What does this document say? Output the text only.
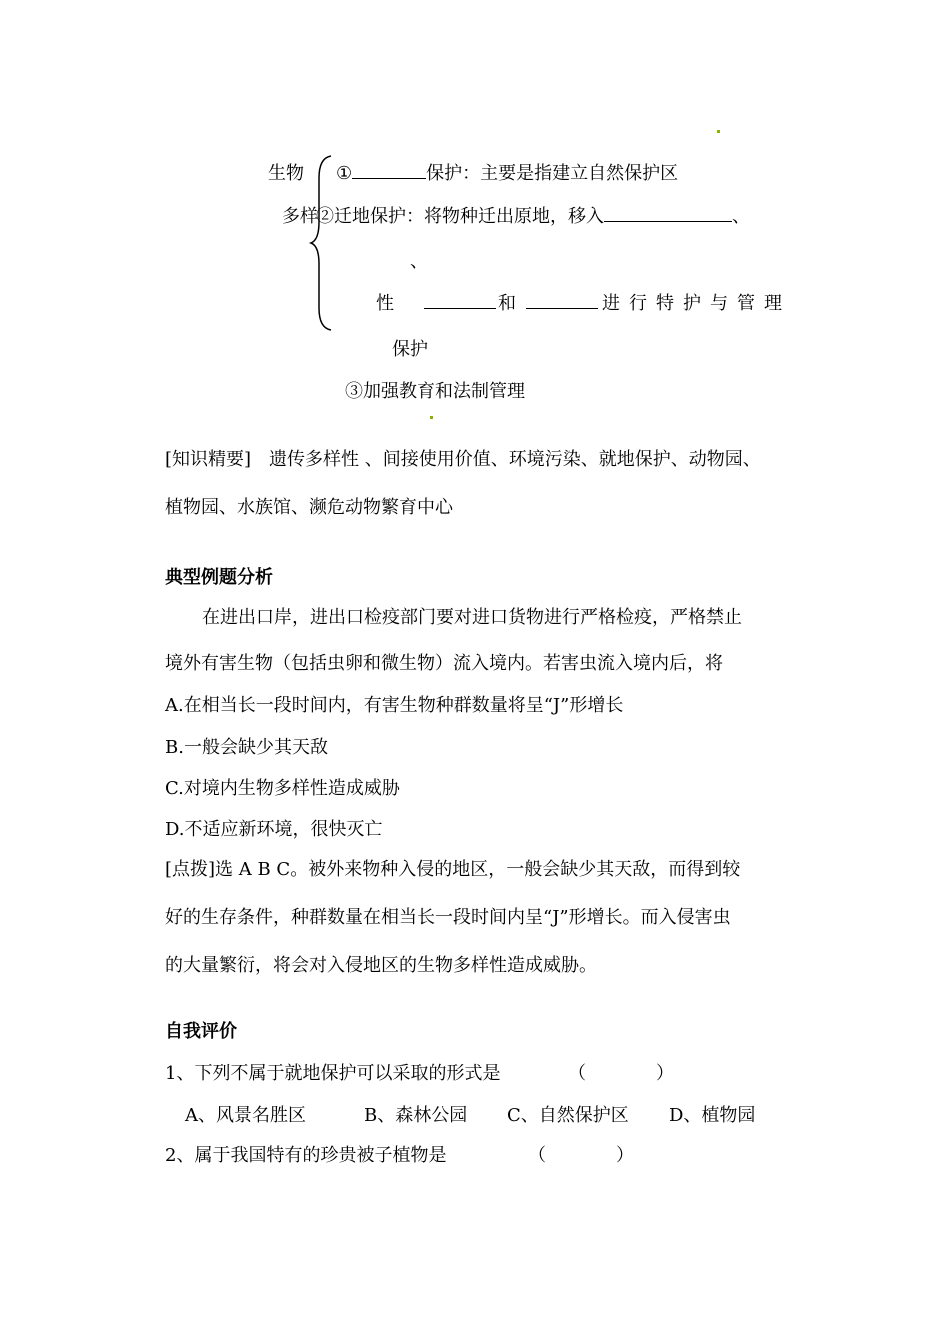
生物
多样
①	保护：主要是指建立自然保护区
②迁地保护：将物种迁出原地，移入	、
、
性	和	进行特护与管理
保护
③加强教育和法制管理
[知识精要] 遗传多样性 、间接使用价值、环境污染、就地保护、动物园、
植物园、水族馆、濒危动物繁育中心
典型例题分析
在进出口岸，进出口检疫部门要对进口货物进行严格检疫，严格禁止
境外有害生物（包括虫卵和微生物）流入境内。若害虫流入境内后，将
A.在相当长一段时间内，有害生物种群数量将呈“J”形增长
B.一般会缺少其天敌
C.对境内生物多样性造成威胁
D.不适应新环境，很快灭亡
[点拨]选 A B C。被外来物种入侵的地区，一般会缺少其天敌，而得到较
好的生存条件，种群数量在相当长一段时间内呈“J”形增长。而入侵害虫
的大量繁衍，将会对入侵地区的生物多样性造成威胁。
自我评价
1、下列不属于就地保护可以采取的形式是	（	）
A、风景名胜区	B、森林公园 C、自然保护区 D、植物园
2、属于我国特有的珍贵被子植物是	（	）
